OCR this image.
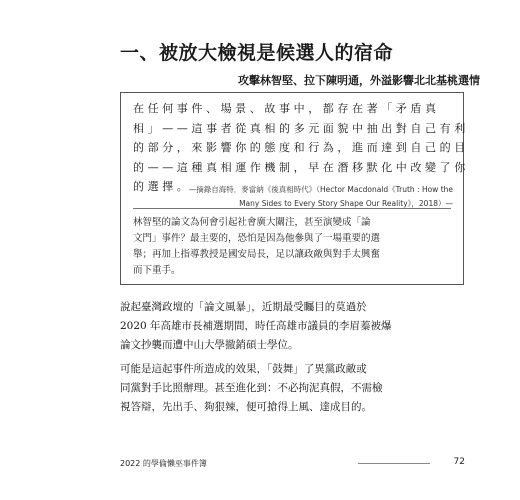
一、被放大檢視是候選人的宿命
攻擊林智堅、拉下陳明通，外溢影響北北基桃選情
在任何事件、場景、故事中，都存在著「矛盾真
相」——這事者從真相的多元面貌中抽出對自己有利
的部分，來影響你的態度和行為，進而達到自己的目
的——這種真相運作機制，早在潛移默化中改變了你
的選擇。
—摘錄自海特．麥當納《後真相時代》（Hector Macdonald《Truth : How the
Many Sides to Every Story Shape Our Reality》，2018）—
林智堅的論文為何會引起社會廣大關注，甚至演變成「論
文門」事件？最主要的，恐怕是因為他參與了一場重要的選
舉；再加上指導教授是國安局長，足以讓政敵與對手太興奮
而下重手。
說起臺灣政壇的「論文風暴」，近期最受矚目的莫過於
2020 年高雄市長補選期間，時任高雄市議員的李眉蓁被爆
論文抄襲而遭中山大學撤銷碩士學位。
可能是這起事件所造成的效果，「鼓舞」了異黨政敵或
同黨對手比照辦理。甚至進化到：不必拘泥真假，不需檢
視答辯，先出手、夠狠辣，便可搶得上風、達成目的。
2022 的學倫懶巫事件簿	72
